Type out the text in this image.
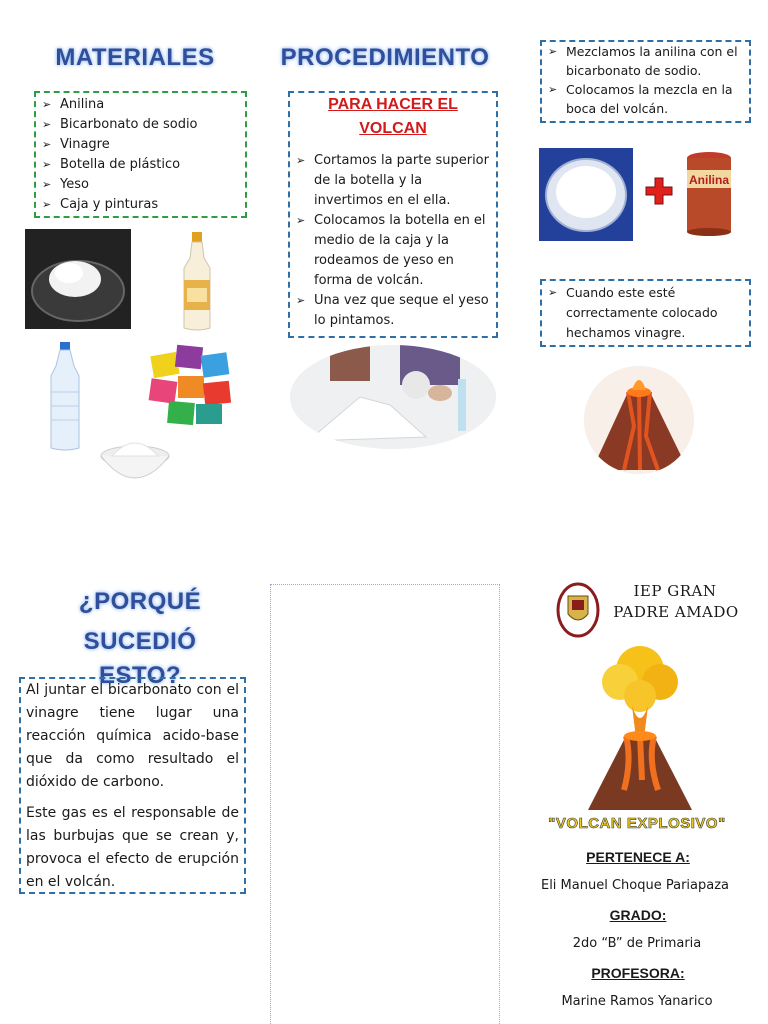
MATERIALES
➢ Anilina
➢ Bicarbonato de sodio
➢ Vinagre
➢ Botella de plástico
➢ Yeso
➢ Caja y pinturas
PROCEDIMIENTO
PARA HACER EL VOLCAN
➢ Cortamos la parte superior de la botella y la invertimos en el ella.
➢ Colocamos la botella en el medio de la caja y la rodeamos de yeso en forma de volcán.
➢ Una vez que seque el yeso lo pintamos.
➢ Mezclamos la anilina con el bicarbonato de sodio.
➢ Colocamos la mezcla en la boca del volcán.
Anilina
➢ Cuando este esté correctamente colocado hechamos vinagre.
¿PORQUÉ
SUCEDIÓ ESTO?

Al juntar el bicarbonato con el vinagre tiene lugar una reacción química acido-base que da como resultado el dióxido de carbono.

Este gas es el responsable de las burbujas que se crean y, provoca el efecto de erupción en el volcán.

IEP GRAN
PADRE AMADO
"VOLCAN EXPLOSIVO"
PERTENECE A:
Eli Manuel Choque Pariapaza
GRADO:
2do “B” de Primaria
PROFESORA:
Marine Ramos Yanarico
